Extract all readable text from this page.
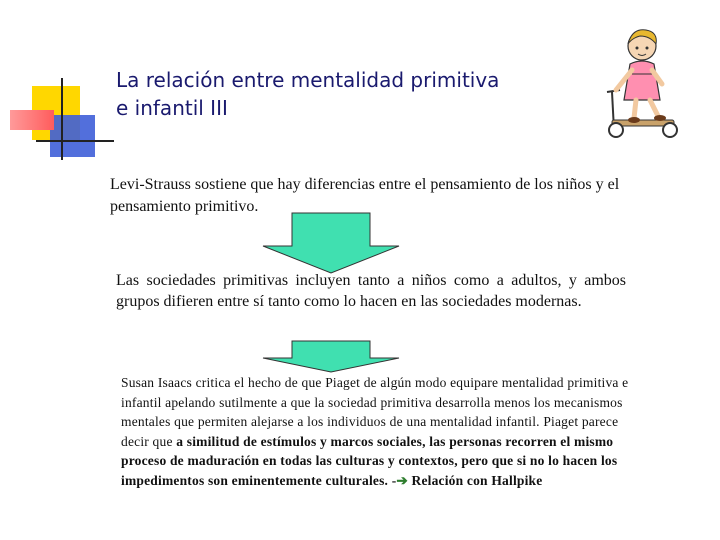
La relación entre mentalidad primitiva
e infantil III

Levi-Strauss sostiene que hay diferencias entre el pensamiento de los niños y el pensamiento primitivo.

Las sociedades primitivas incluyen tanto a niños como a adultos, y ambos grupos difieren entre sí tanto como lo hacen en las sociedades modernas.

Susan Isaacs critica el hecho de que Piaget de algún modo equipare mentalidad primitiva e infantil apelando sutilmente a que la sociedad primitiva desarrolla menos los mecanismos mentales que permiten alejarse a los individuos de una mentalidad infantil. Piaget parece decir que a similitud de estímulos y marcos sociales, las personas recorren el mismo proceso de maduración en todas las culturas y contextos, pero que si no lo hacen los impedimentos son eminentemente culturales. -➔ Relación con Hallpike
